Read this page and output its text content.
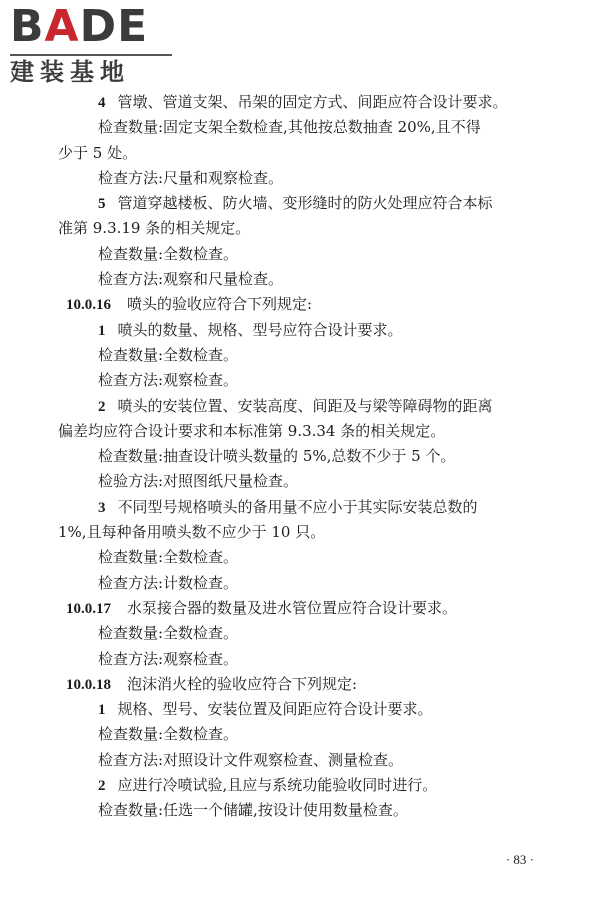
B A DE
建装基地
4 管墩、管道支架、吊架的固定方式、间距应符合设计要求。
检查数量:固定支架全数检查,其他按总数抽查 20%,且不得
少于 5 处。
检查方法:尺量和观察检查。
5 管道穿越楼板、防火墙、变形缝时的防火处理应符合本标
准第 9.3.19 条的相关规定。
检查数量:全数检查。
检查方法:观察和尺量检查。
10.0.16 喷头的验收应符合下列规定:
1 喷头的数量、规格、型号应符合设计要求。
检查数量:全数检查。
检查方法:观察检查。
2 喷头的安装位置、安装高度、间距及与梁等障碍物的距离
偏差均应符合设计要求和本标准第 9.3.34 条的相关规定。
检查数量:抽查设计喷头数量的 5%,总数不少于 5 个。
检验方法:对照图纸尺量检查。
3 不同型号规格喷头的备用量不应小于其实际安装总数的
1%,且每种备用喷头数不应少于 10 只。
检查数量:全数检查。
检查方法:计数检查。
10.0.17 水泵接合器的数量及进水管位置应符合设计要求。
检查数量:全数检查。
检查方法:观察检查。
10.0.18 泡沫消火栓的验收应符合下列规定:
1 规格、型号、安装位置及间距应符合设计要求。
检查数量:全数检查。
检查方法:对照设计文件观察检查、测量检查。
2 应进行冷喷试验,且应与系统功能验收同时进行。
检查数量:任选一个储罐,按设计使用数量检查。
· 83 ·
